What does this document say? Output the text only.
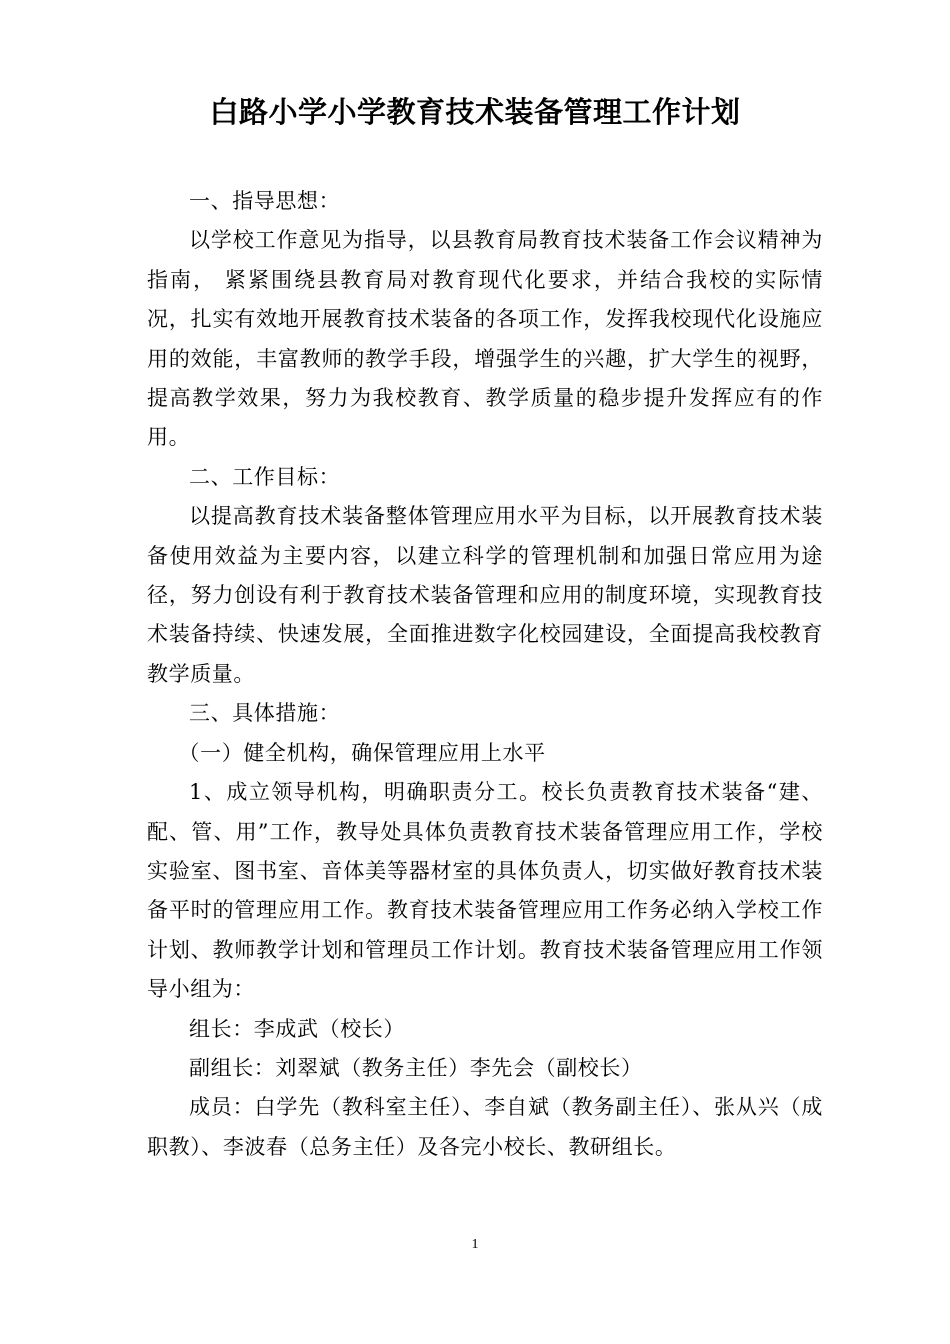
白路小学小学教育技术装备管理工作计划

一、指导思想：

以学校工作意见为指导，以县教育局教育技术装备工作会议精神为指南， 紧紧围绕县教育局对教育现代化要求，并结合我校的实际情况，扎实有效地开展教育技术装备的各项工作，发挥我校现代化设施应用的效能，丰富教师的教学手段，增强学生的兴趣，扩大学生的视野，提高教学效果，努力为我校教育、教学质量的稳步提升发挥应有的作用。

二、工作目标：

以提高教育技术装备整体管理应用水平为目标，以开展教育技术装备使用效益为主要内容，以建立科学的管理机制和加强日常应用为途径，努力创设有利于教育技术装备管理和应用的制度环境，实现教育技术装备持续、快速发展，全面推进数字化校园建设，全面提高我校教育教学质量。

三、具体措施：

（一）健全机构，确保管理应用上水平

1、成立领导机构，明确职责分工。校长负责教育技术装备“建、配、管、用”工作，教导处具体负责教育技术装备管理应用工作，学校实验室、图书室、音体美等器材室的具体负责人，切实做好教育技术装备平时的管理应用工作。教育技术装备管理应用工作务必纳入学校工作计划、教师教学计划和管理员工作计划。教育技术装备管理应用工作领导小组为：

组长：李成武（校长）

副组长：刘翠斌（教务主任）李先会（副校长）

成员：白学先（教科室主任）、李自斌（教务副主任）、张从兴（成职教）、李波春（总务主任）及各完小校长、教研组长。

1
